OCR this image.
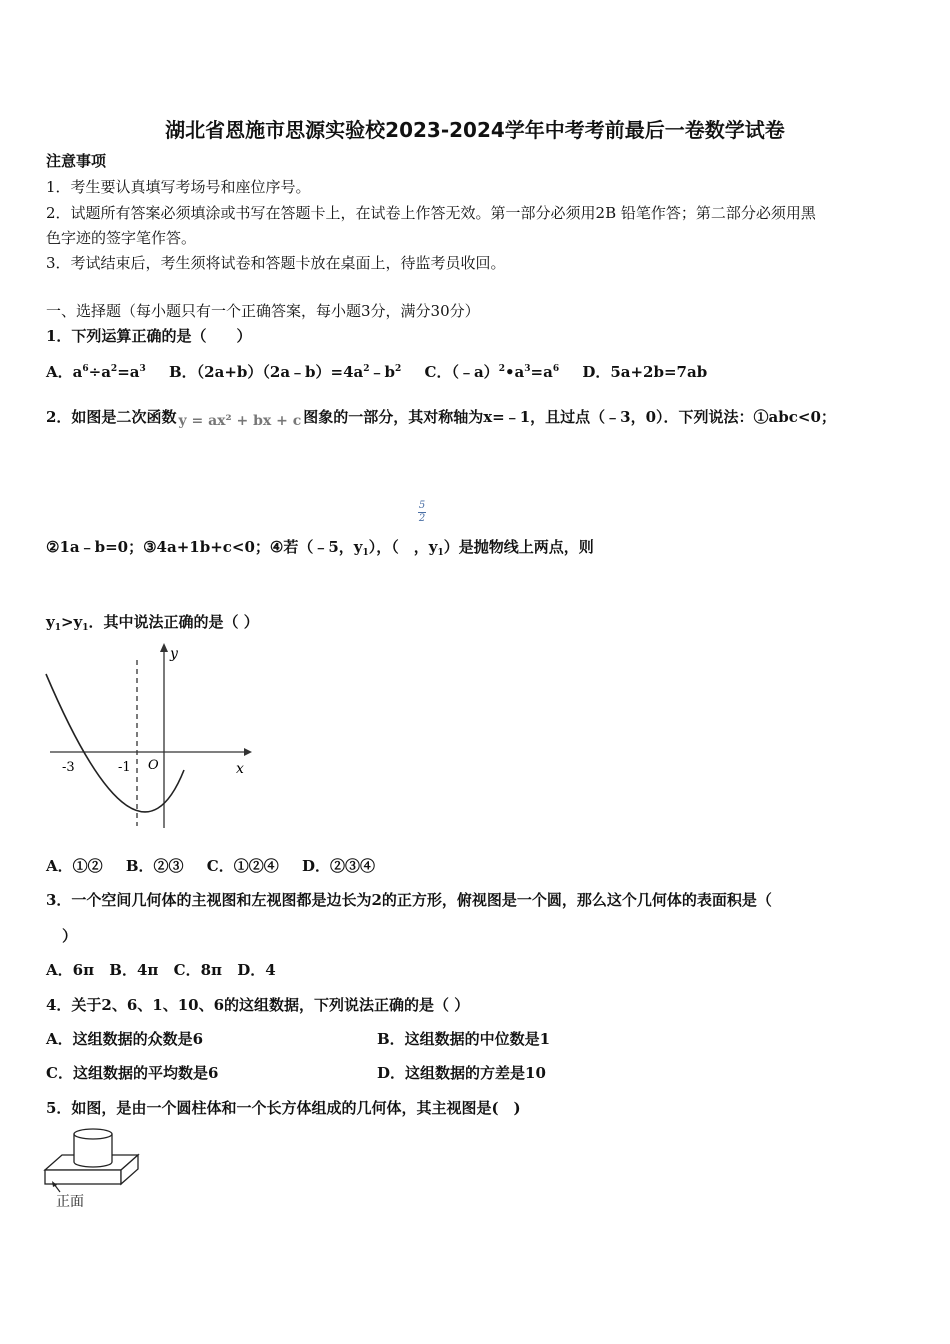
湖北省恩施市思源实验校2023-2024学年中考考前最后一卷数学试卷
注意事项
1．考生要认真填写考场号和座位序号。
2．试题所有答案必须填涂或书写在答题卡上，在试卷上作答无效。第一部分必须用2B 铅笔作答；第二部分必须用黑
色字迹的签字笔作答。
3．考试结束后，考生须将试卷和答题卡放在桌面上，待监考员收回。
一、选择题（每小题只有一个正确答案，每小题3分，满分30分）
1．下列运算正确的是（　　）
A．$a^6\div a^2=a^3$ B．$(2a+b)(2a﹣b)=4a^2﹣b^2$ C．$(﹣a)^2•a^3=a^6$ D．5a+2b=7ab
2．如图是二次函数 y = ax² + bx + c 图象的一部分，其对称轴为x=﹣1，且过点（﹣3，0）．下列说法：①abc<0；
5
2
②1a﹣b=0；③4a+1b+c<0；④若（﹣5，$y_1$），（　，$y_1$）是抛物线上两点，则
$y_1>y_1$．其中说法正确的是（ ）
x
y
-3	-1 O
A．①② B．②③ C．①②④ D．②③④
3．一个空间几何体的主视图和左视图都是边长为2的正方形，俯视图是一个圆，那么这个几何体的表面积是（
）
A．6π B．4π C．8π D．4
4．关于2、6、1、10、6的这组数据，下列说法正确的是（ ）
A．这组数据的众数是6	B．这组数据的中位数是1
C．这组数据的平均数是6	D．这组数据的方差是10
5．如图，是由一个圆柱体和一个长方体组成的几何体，其主视图是(　)
正面
